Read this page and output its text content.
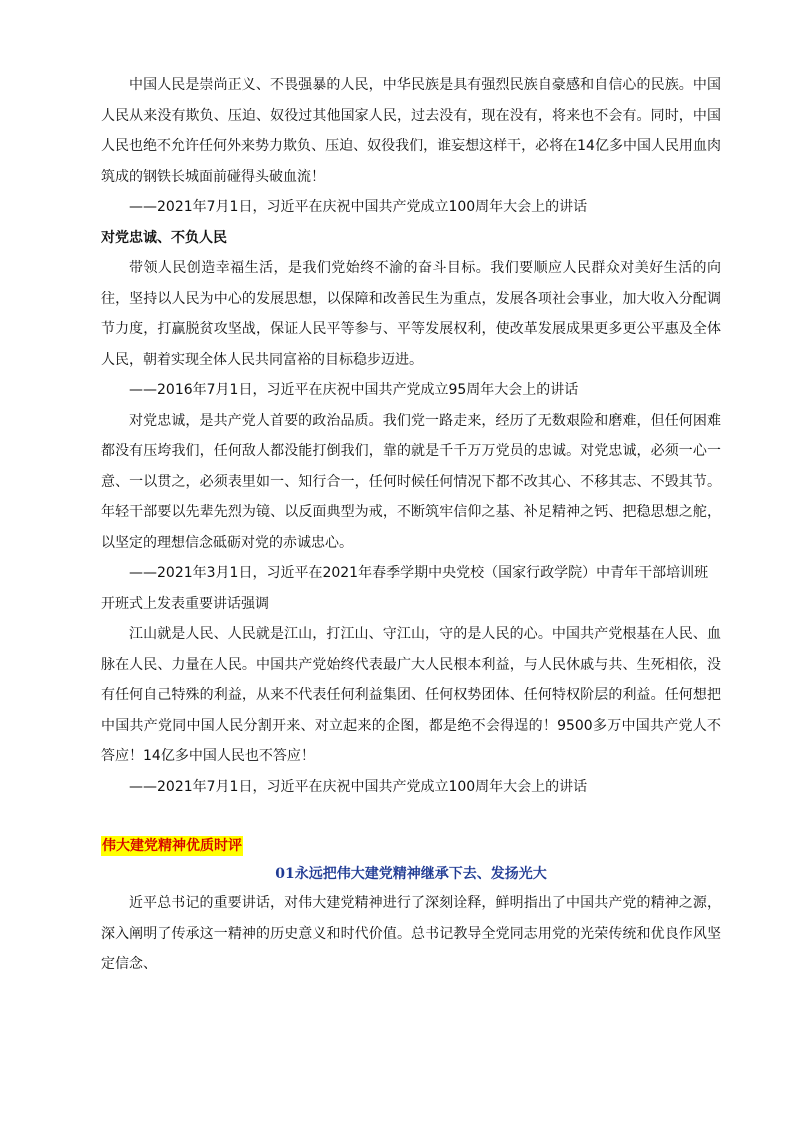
中国人民是崇尚正义、不畏强暴的人民，中华民族是具有强烈民族自豪感和自信心的民族。中国人民从来没有欺负、压迫、奴役过其他国家人民，过去没有，现在没有，将来也不会有。同时，中国人民也绝不允许任何外来势力欺负、压迫、奴役我们，谁妄想这样干，必将在14亿多中国人民用血肉筑成的钢铁长城面前碰得头破血流！

——2021年7月1日，习近平在庆祝中国共产党成立100周年大会上的讲话

对党忠诚、不负人民

带领人民创造幸福生活，是我们党始终不渝的奋斗目标。我们要顺应人民群众对美好生活的向往，坚持以人民为中心的发展思想，以保障和改善民生为重点，发展各项社会事业，加大收入分配调节力度，打赢脱贫攻坚战，保证人民平等参与、平等发展权利，使改革发展成果更多更公平惠及全体人民，朝着实现全体人民共同富裕的目标稳步迈进。

——2016年7月1日，习近平在庆祝中国共产党成立95周年大会上的讲话

对党忠诚，是共产党人首要的政治品质。我们党一路走来，经历了无数艰险和磨难，但任何困难都没有压垮我们，任何敌人都没能打倒我们，靠的就是千千万万党员的忠诚。对党忠诚，必须一心一意、一以贯之，必须表里如一、知行合一，任何时候任何情况下都不改其心、不移其志、不毁其节。年轻干部要以先辈先烈为镜、以反面典型为戒，不断筑牢信仰之基、补足精神之钙、把稳思想之舵，以坚定的理想信念砥砺对党的赤诚忠心。

——2021年3月1日，习近平在2021年春季学期中央党校（国家行政学院）中青年干部培训班开班式上发表重要讲话强调

江山就是人民、人民就是江山，打江山、守江山，守的是人民的心。中国共产党根基在人民、血脉在人民、力量在人民。中国共产党始终代表最广大人民根本利益，与人民休戚与共、生死相依，没有任何自己特殊的利益，从来不代表任何利益集团、任何权势团体、任何特权阶层的利益。任何想把中国共产党同中国人民分割开来、对立起来的企图，都是绝不会得逞的！9500多万中国共产党人不答应！14亿多中国人民也不答应！

——2021年7月1日，习近平在庆祝中国共产党成立100周年大会上的讲话

伟大建党精神优质时评
01永远把伟大建党精神继承下去、发扬光大

近平总书记的重要讲话，对伟大建党精神进行了深刻诠释，鲜明指出了中国共产党的精神之源，深入阐明了传承这一精神的历史意义和时代价值。总书记教导全党同志用党的光荣传统和优良作风坚定信念、
